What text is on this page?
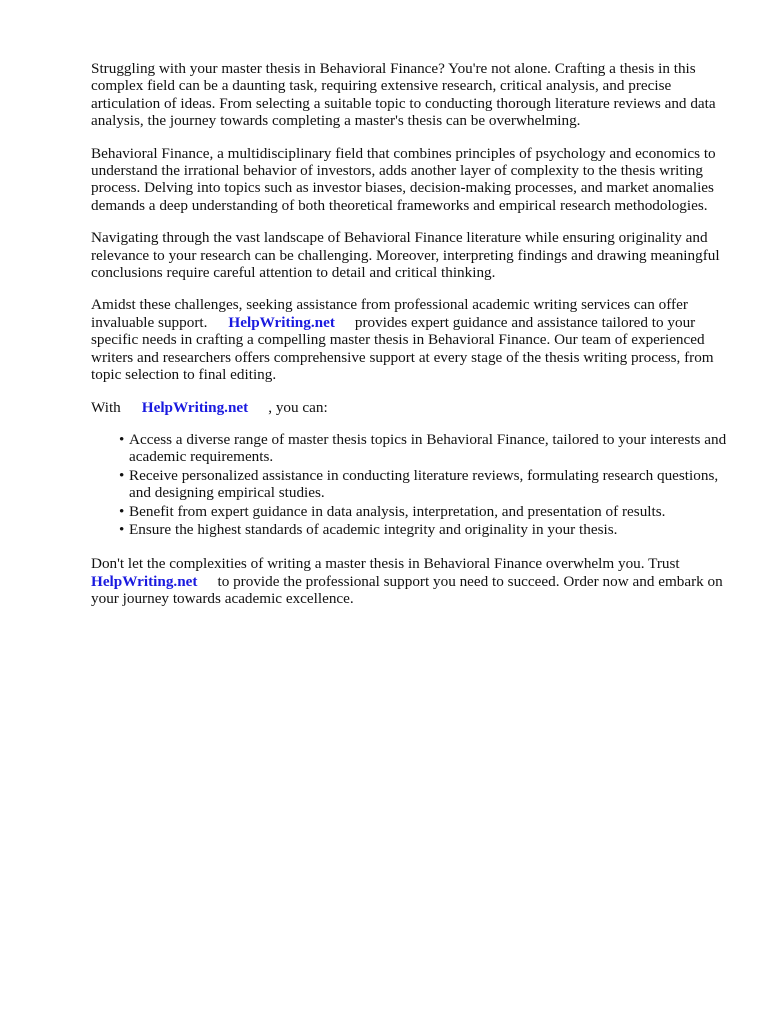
Struggling with your master thesis in Behavioral Finance? You're not alone. Crafting a thesis in this complex field can be a daunting task, requiring extensive research, critical analysis, and precise articulation of ideas. From selecting a suitable topic to conducting thorough literature reviews and data analysis, the journey towards completing a master's thesis can be overwhelming.

Behavioral Finance, a multidisciplinary field that combines principles of psychology and economics to understand the irrational behavior of investors, adds another layer of complexity to the thesis writing process. Delving into topics such as investor biases, decision-making processes, and market anomalies demands a deep understanding of both theoretical frameworks and empirical research methodologies.

Navigating through the vast landscape of Behavioral Finance literature while ensuring originality and relevance to your research can be challenging. Moreover, interpreting findings and drawing meaningful conclusions require careful attention to detail and critical thinking.

Amidst these challenges, seeking assistance from professional academic writing services can offer invaluable support. HelpWriting.net provides expert guidance and assistance tailored to your specific needs in crafting a compelling master thesis in Behavioral Finance. Our team of experienced writers and researchers offers comprehensive support at every stage of the thesis writing process, from topic selection to final editing.

With HelpWriting.net , you can:

• Access a diverse range of master thesis topics in Behavioral Finance, tailored to your interests and academic requirements.
• Receive personalized assistance in conducting literature reviews, formulating research questions, and designing empirical studies.
• Benefit from expert guidance in data analysis, interpretation, and presentation of results.
• Ensure the highest standards of academic integrity and originality in your thesis.

Don't let the complexities of writing a master thesis in Behavioral Finance overwhelm you. Trust HelpWriting.net to provide the professional support you need to succeed. Order now and embark on your journey towards academic excellence.
